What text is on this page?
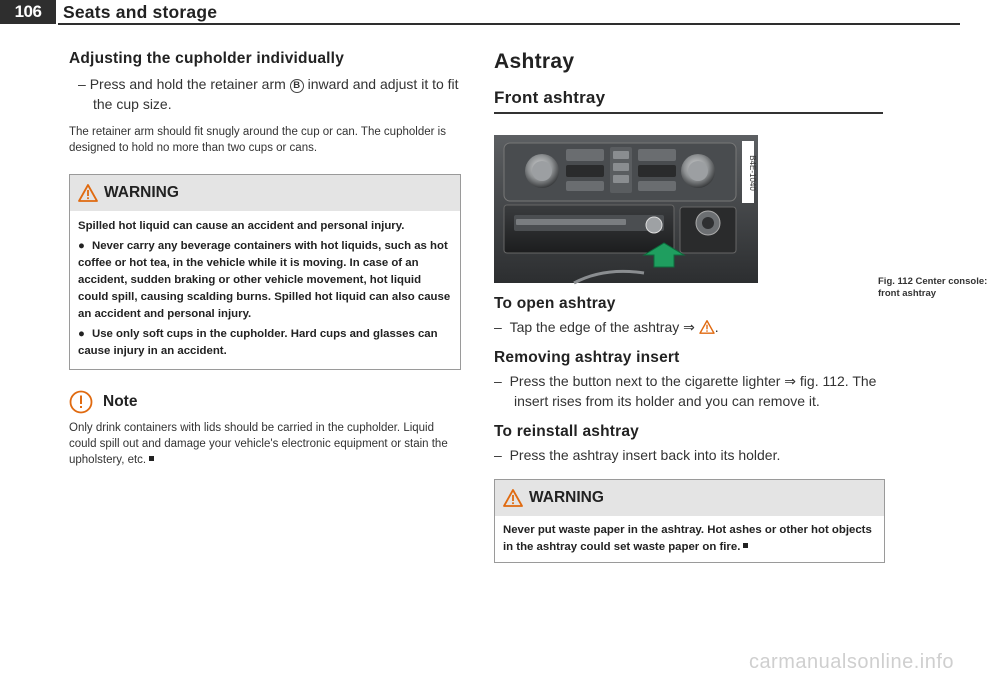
106	Seats and storage
Adjusting the cupholder individually
– Press and hold the retainer arm B inward and adjust it to fit the cup size.
The retainer arm should fit snugly around the cup or can. The cupholder is designed to hold no more than two cups or cans.
WARNING

Spilled hot liquid can cause an accident and personal injury.

● Never carry any beverage containers with hot liquids, such as hot coffee or hot tea, in the vehicle while it is moving. In case of an accident, sudden braking or other vehicle movement, hot liquid could spill, causing scalding burns. Spilled hot liquid can also cause an accident and personal injury.

● Use only soft cups in the cupholder. Hard cups and glasses can cause injury in an accident.

Note
Only drink containers with lids should be carried in the cupholder. Liquid could spill out and damage your vehicle's electronic equipment or stain the upholstery, etc.
Ashtray
Front ashtray
B4E-1040
Fig. 112 Center console: front ashtray
To open ashtray
–  Tap the edge of the ashtray ⇒ .
Removing ashtray insert
–  Press the button next to the cigarette lighter ⇒ fig. 112. The insert rises from its holder and you can remove it.
To reinstall ashtray
–  Press the ashtray insert back into its holder.
WARNING
Never put waste paper in the ashtray. Hot ashes or other hot objects in the ashtray could set waste paper on fire.
carmanualsonline.info
